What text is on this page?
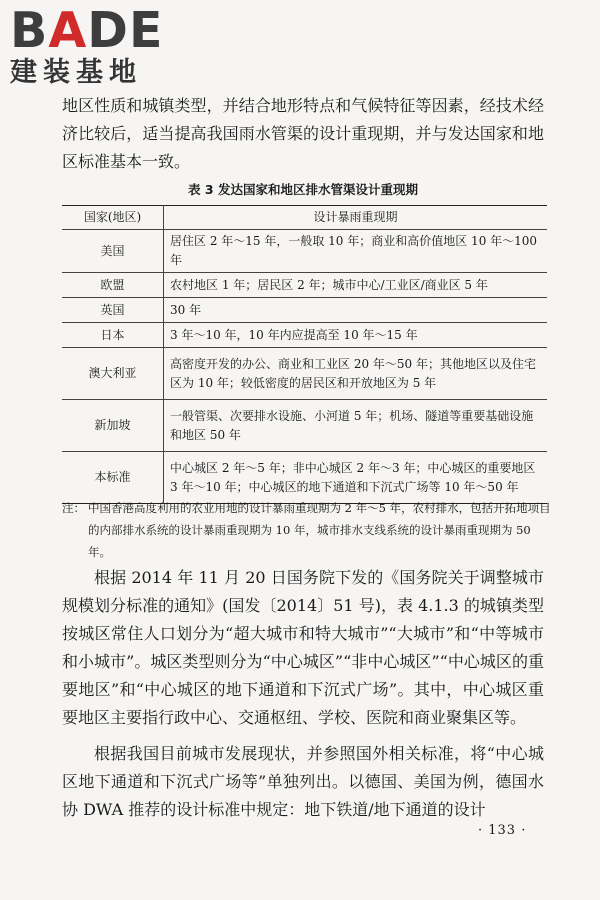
BADE
建装基地

地区性质和城镇类型，并结合地形特点和气候特征等因素，经技术经济比较后，适当提高我国雨水管渠的设计重现期，并与发达国家和地区标准基本一致。

表 3 发达国家和地区排水管渠设计重现期

国家(地区)	设计暴雨重现期
美国	居住区 2 年～15 年，一般取 10 年；商业和高价值地区 10 年～100 年
欧盟	农村地区 1 年；居民区 2 年；城市中心/工业区/商业区 5 年
英国	30 年
日本	3 年～10 年，10 年内应提高至 10 年～15 年
澳大利亚	高密度开发的办公、商业和工业区 20 年～50 年；其他地区以及住宅区为 10 年；较低密度的居民区和开放地区为 5 年
新加坡	一般管渠、次要排水设施、小河道 5 年；机场、隧道等重要基础设施和地区 50 年
本标准	中心城区 2 年～5 年；非中心城区 2 年～3 年；中心城区的重要地区 3 年～10 年；中心城区的地下通道和下沉式广场等 10 年～50 年
注： 中国香港高度利用的农业用地的设计暴雨重现期为 2 年～5 年，农村排水，包括开拓地项目的内部排水系统的设计暴雨重现期为 10 年，城市排水支线系统的设计暴雨重现期为 50 年。

根据 2014 年 11 月 20 日国务院下发的《国务院关于调整城市规模划分标准的通知》(国发〔2014〕51 号)，表 4.1.3 的城镇类型按城区常住人口划分为“超大城市和特大城市”“大城市”和“中等城市和小城市”。城区类型则分为“中心城区”“非中心城区”“中心城区的重要地区”和“中心城区的地下通道和下沉式广场”。其中，中心城区重要地区主要指行政中心、交通枢纽、学校、医院和商业聚集区等。

根据我国目前城市发展现状，并参照国外相关标准，将“中心城区地下通道和下沉式广场等”单独列出。以德国、美国为例，德国水协 DWA 推荐的设计标准中规定：地下铁道/地下通道的设计

· 133 ·
